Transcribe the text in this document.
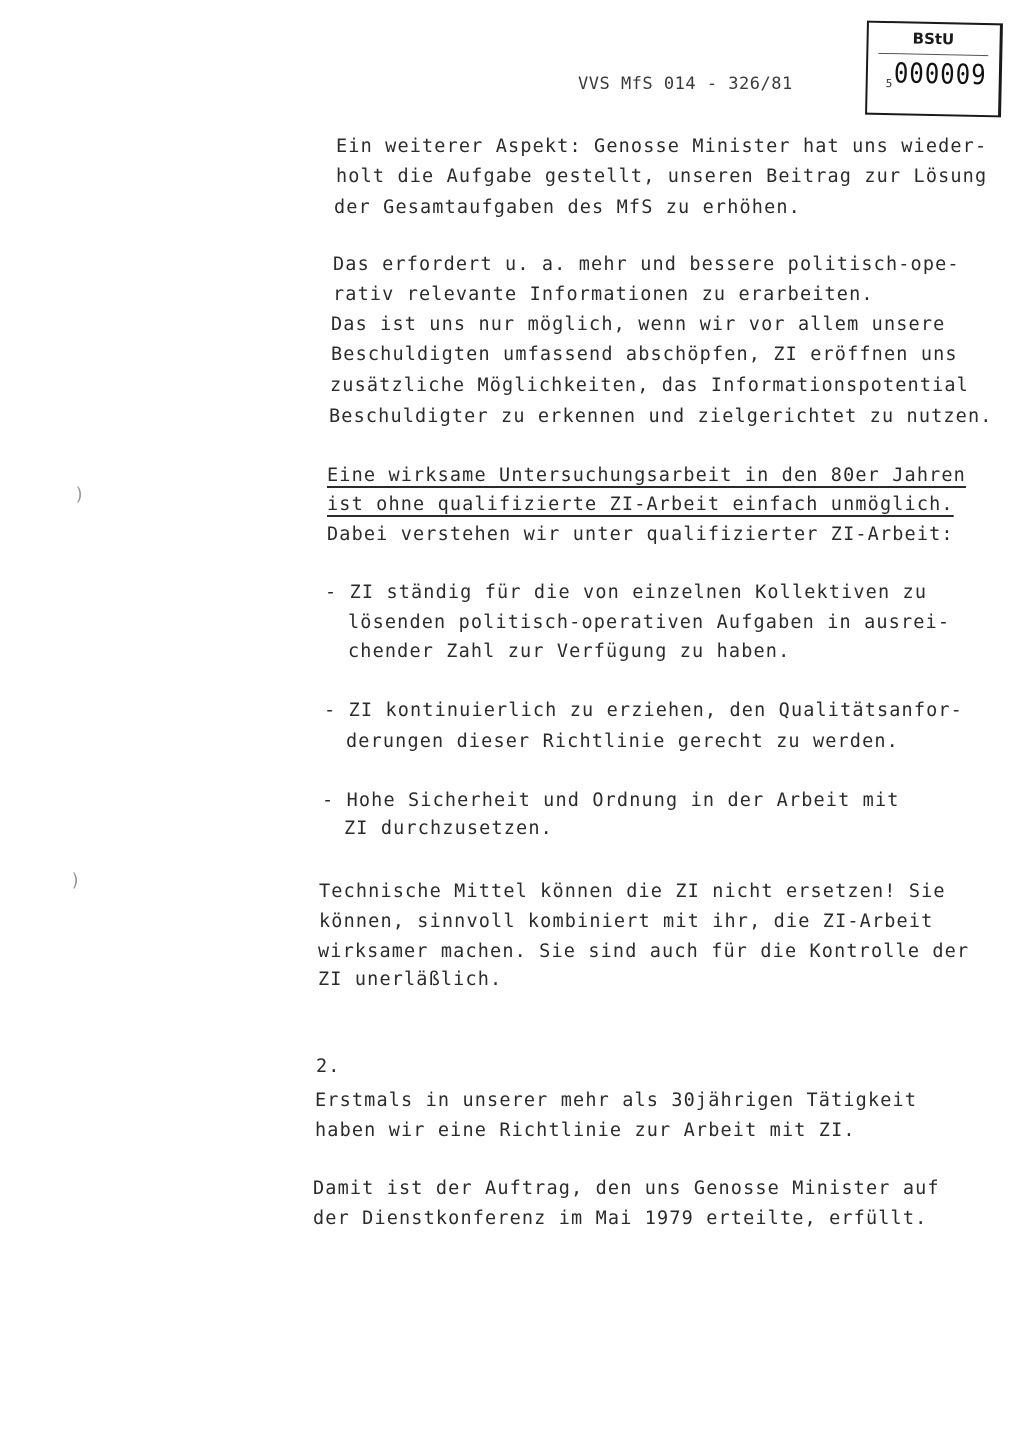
VVS MfS 014 - 326/81
BStU
000009
5
Ein weiterer Aspekt: Genosse Minister hat uns wieder-
holt die Aufgabe gestellt, unseren Beitrag zur Lösung
der Gesamtaufgaben des MfS zu erhöhen.
Das erfordert u. a. mehr und bessere politisch-ope-
rativ relevante Informationen zu erarbeiten.
Das ist uns nur möglich, wenn wir vor allem unsere
Beschuldigten umfassend abschöpfen, ZI eröffnen uns
zusätzliche Möglichkeiten, das Informationspotential
Beschuldigter zu erkennen und zielgerichtet zu nutzen.
Eine wirksame Untersuchungsarbeit in den 80er Jahren
ist ohne qualifizierte ZI-Arbeit einfach unmöglich.
Dabei verstehen wir unter qualifizierter ZI-Arbeit:
- ZI ständig für die von einzelnen Kollektiven zu
lösenden politisch-operativen Aufgaben in ausrei-
chender Zahl zur Verfügung zu haben.
- ZI kontinuierlich zu erziehen, den Qualitätsanfor-
derungen dieser Richtlinie gerecht zu werden.
- Hohe Sicherheit und Ordnung in der Arbeit mit
ZI durchzusetzen.
Technische Mittel können die ZI nicht ersetzen! Sie
können, sinnvoll kombiniert mit ihr, die ZI-Arbeit
wirksamer machen. Sie sind auch für die Kontrolle der
ZI unerläßlich.
2.
Erstmals in unserer mehr als 30jährigen Tätigkeit
haben wir eine Richtlinie zur Arbeit mit ZI.
Damit ist der Auftrag, den uns Genosse Minister auf
der Dienstkonferenz im Mai 1979 erteilte, erfüllt.
)
)
